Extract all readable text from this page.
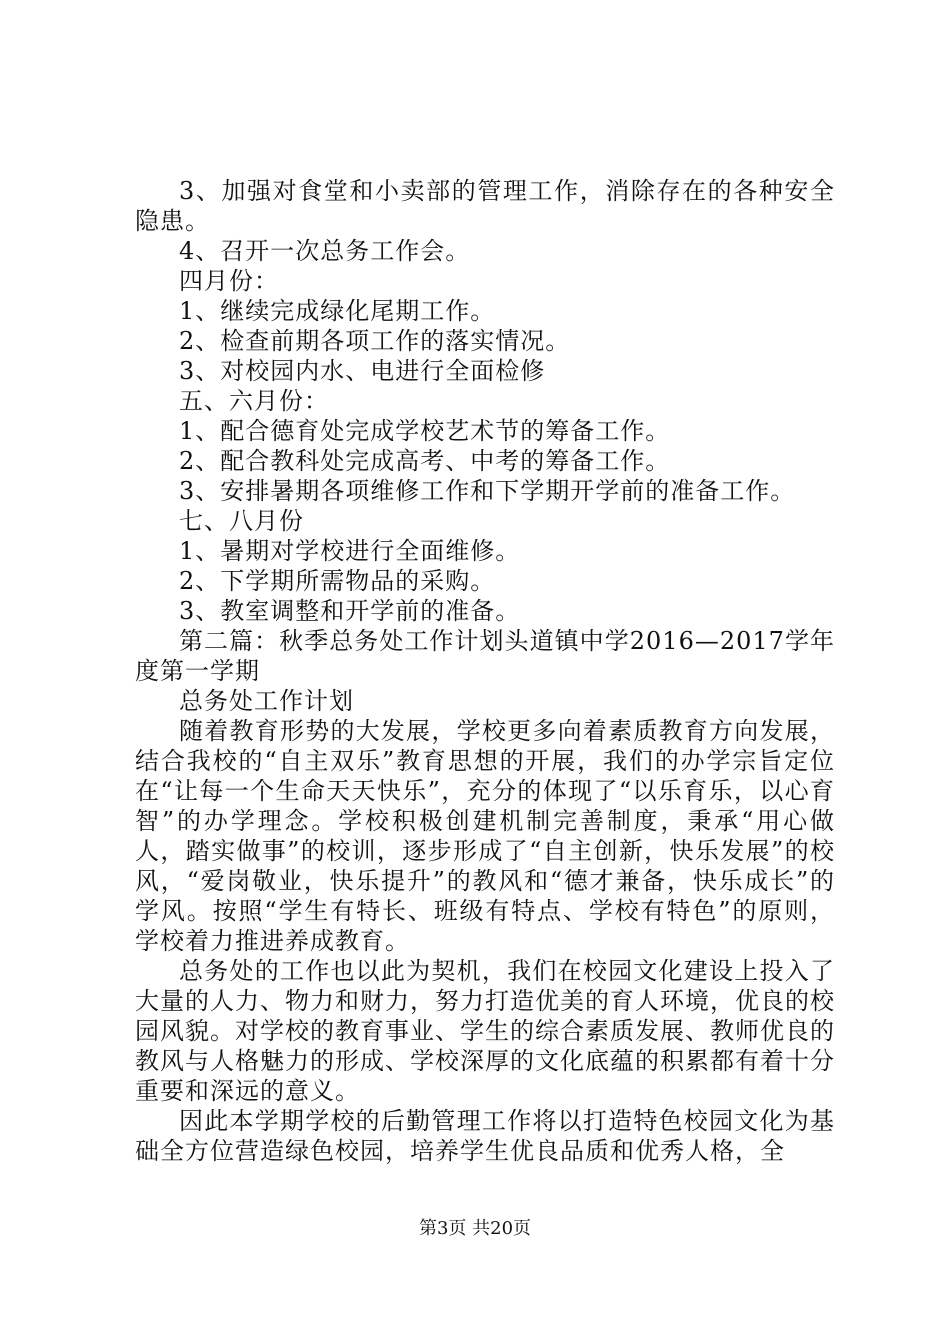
3、加强对食堂和小卖部的管理工作，消除存在的各种安全隐患。

4、召开一次总务工作会。

四月份：

1、继续完成绿化尾期工作。

2、检查前期各项工作的落实情况。

3、对校园内水、电进行全面检修

五、六月份：

1、配合德育处完成学校艺术节的筹备工作。

2、配合教科处完成高考、中考的筹备工作。

3、安排暑期各项维修工作和下学期开学前的准备工作。

七、八月份

1、暑期对学校进行全面维修。

2、下学期所需物品的采购。

3、教室调整和开学前的准备。

第二篇：秋季总务处工作计划头道镇中学2016—2017学年度第一学期

总务处工作计划

随着教育形势的大发展，学校更多向着素质教育方向发展，结合我校的“自主双乐”教育思想的开展，我们的办学宗旨定位在“让每一个生命天天快乐”，充分的体现了“以乐育乐，以心育智”的办学理念。学校积极创建机制完善制度，秉承“用心做人，踏实做事”的校训，逐步形成了“自主创新，快乐发展”的校风，“爱岗敬业，快乐提升”的教风和“德才兼备，快乐成长”的学风。按照“学生有特长、班级有特点、学校有特色”的原则，学校着力推进养成教育。

总务处的工作也以此为契机，我们在校园文化建设上投入了大量的人力、物力和财力，努力打造优美的育人环境，优良的校园风貌。对学校的教育事业、学生的综合素质发展、教师优良的教风与人格魅力的形成、学校深厚的文化底蕴的积累都有着十分重要和深远的意义。

因此本学期学校的后勤管理工作将以打造特色校园文化为基础全方位营造绿色校园，培养学生优良品质和优秀人格，全

第3页 共20页
